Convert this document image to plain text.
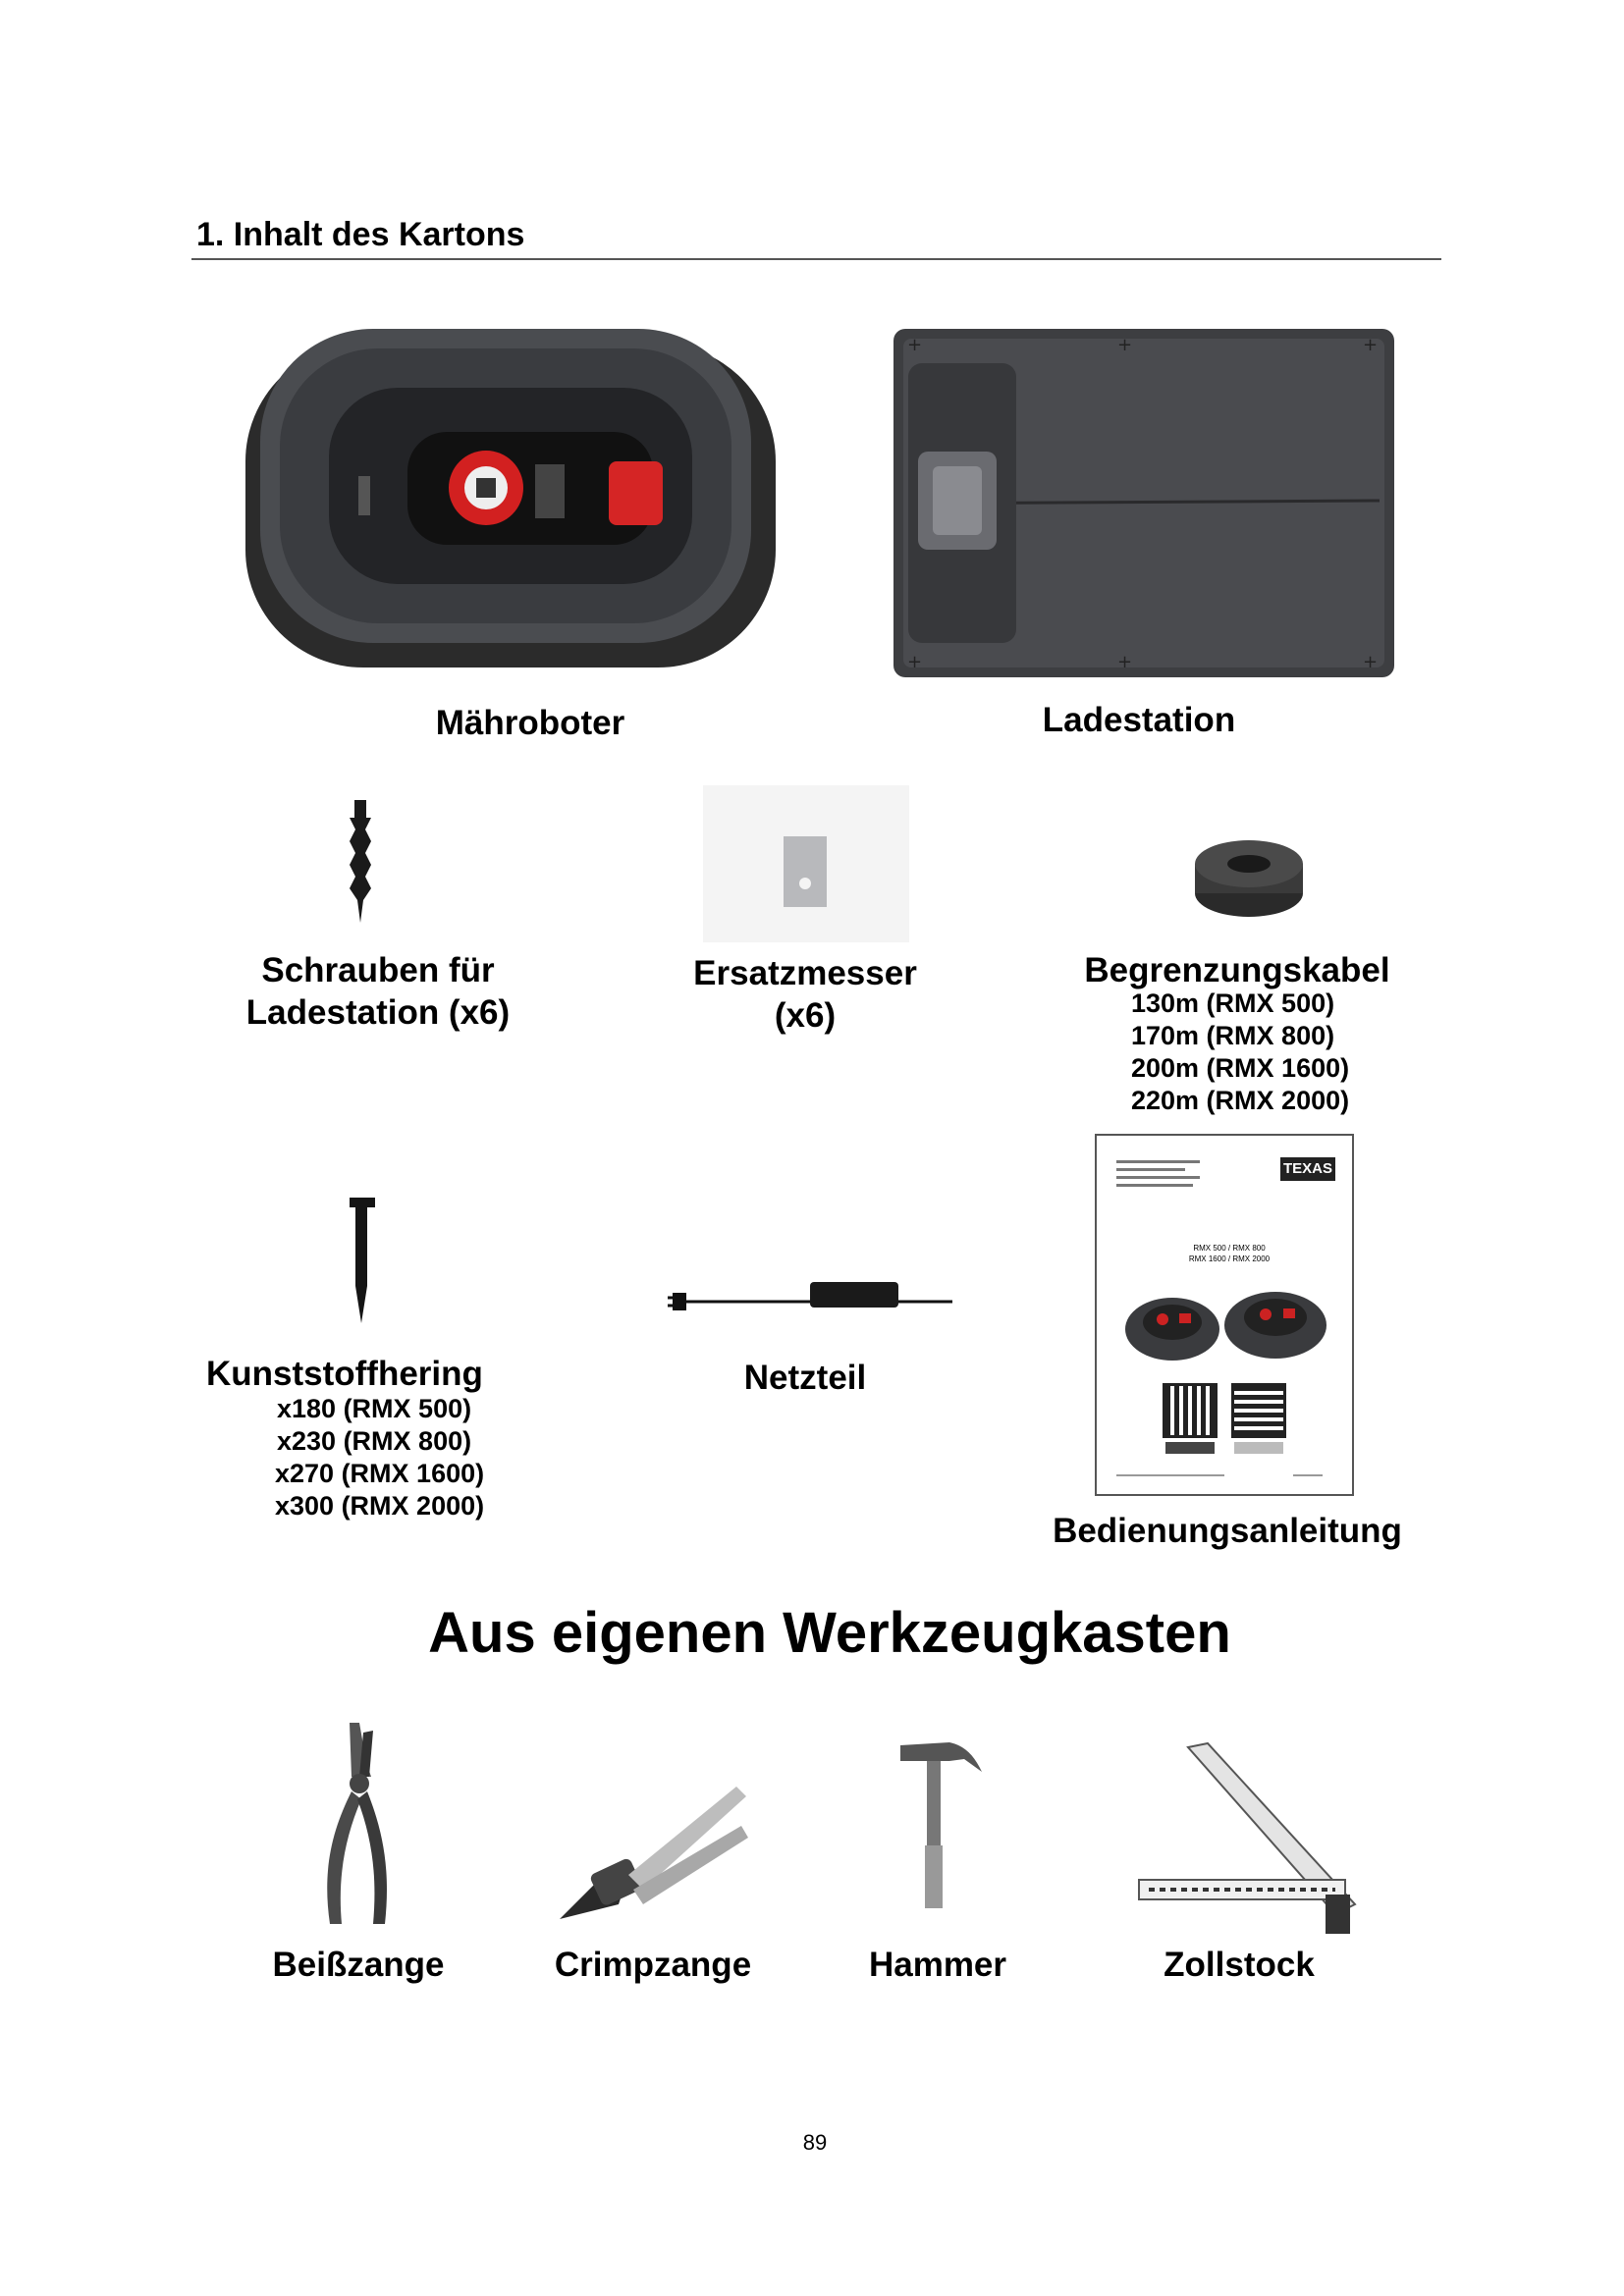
1. Inhalt des Kartons
+	+	+
+	+	+
Mähroboter	Ladestation
Schrauben für
Ladestation (x6)
Ersatzmesser
(x6)
Begrenzungskabel
130m (RMX 500)
170m (RMX 800)
200m (RMX 1600)
220m (RMX 2000)
Kunststoffhering
x180 (RMX 500)
x230 (RMX 800)
x270 (RMX 1600)
x300 (RMX 2000)
Netzteil
TEXAS
RMX 500 / RMX 800
RMX 1600 / RMX 2000
Bedienungsanleitung
Aus eigenen Werkzeugkasten
Beißzange	Crimpzange	Hammer	Zollstock
89
